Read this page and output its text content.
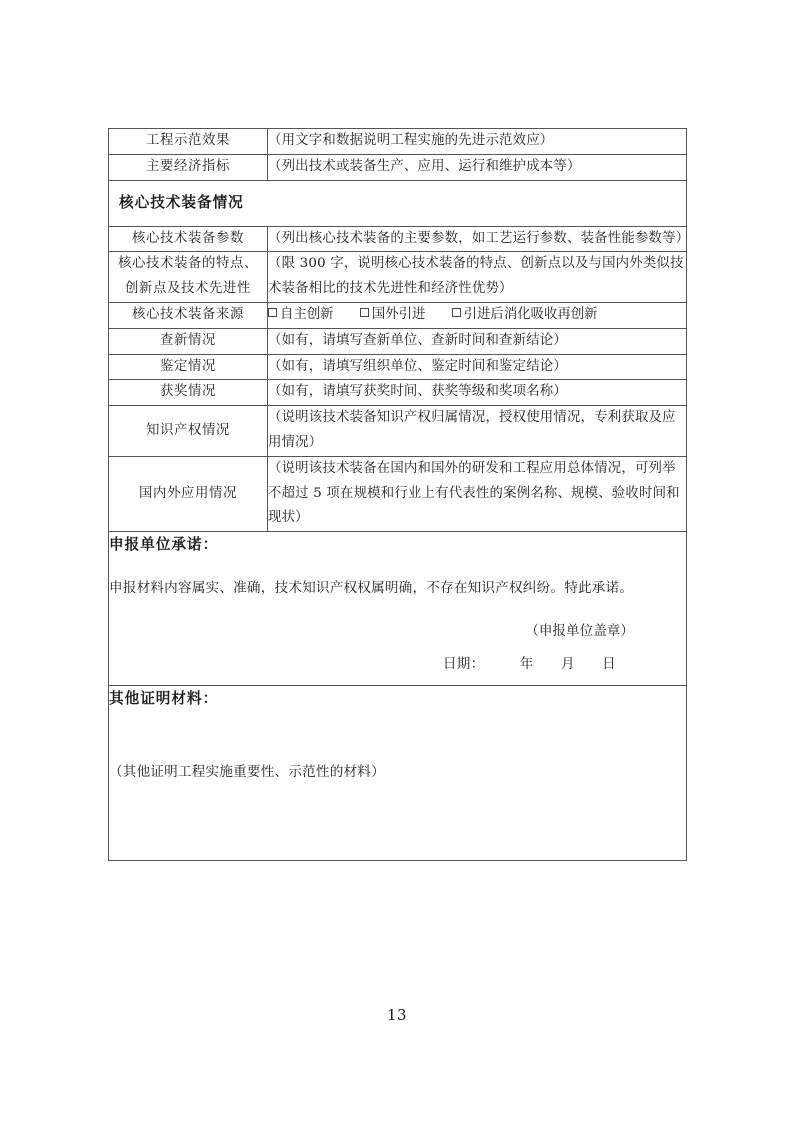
工程示范效果	（用文字和数据说明工程实施的先进示范效应）

主要经济指标	（列出技术或装备生产、应用、运行和维护成本等）

核心技术装备情况	
核心技术装备参数	（列出核心技术装备的主要参数，如工艺运行参数、装备性能参数等）

核心技术装备的特点、
创新点及技术先进性	（限 300 字，说明核心技术装备的特点、创新点以及与国内外类似技术装备相比的技术先进性和经济性优势）

核心技术装备来源	自主创新 国外引进 引进后消化吸收再创新
查新情况	（如有，请填写查新单位、查新时间和查新结论）

鉴定情况	（如有，请填写组织单位、鉴定时间和鉴定结论）

获奖情况	（如有，请填写获奖时间、获奖等级和奖项名称）

知识产权情况	（说明该技术装备知识产权归属情况，授权使用情况，专利获取及应用情况）

国内外应用情况	（说明该技术装备在国内和国外的研发和工程应用总体情况，可列举不超过 5 项在规模和行业上有代表性的案例名称、规模、验收时间和现状）

申报单位承诺：

申报材料内容属实、准确，技术知识产权权属明确，不存在知识产权纠纷。特此承诺。

（申报单位盖章）

日期： 年 月 日	

其他证明材料：

（其他证明工程实施重要性、示范性的材料）	

13
